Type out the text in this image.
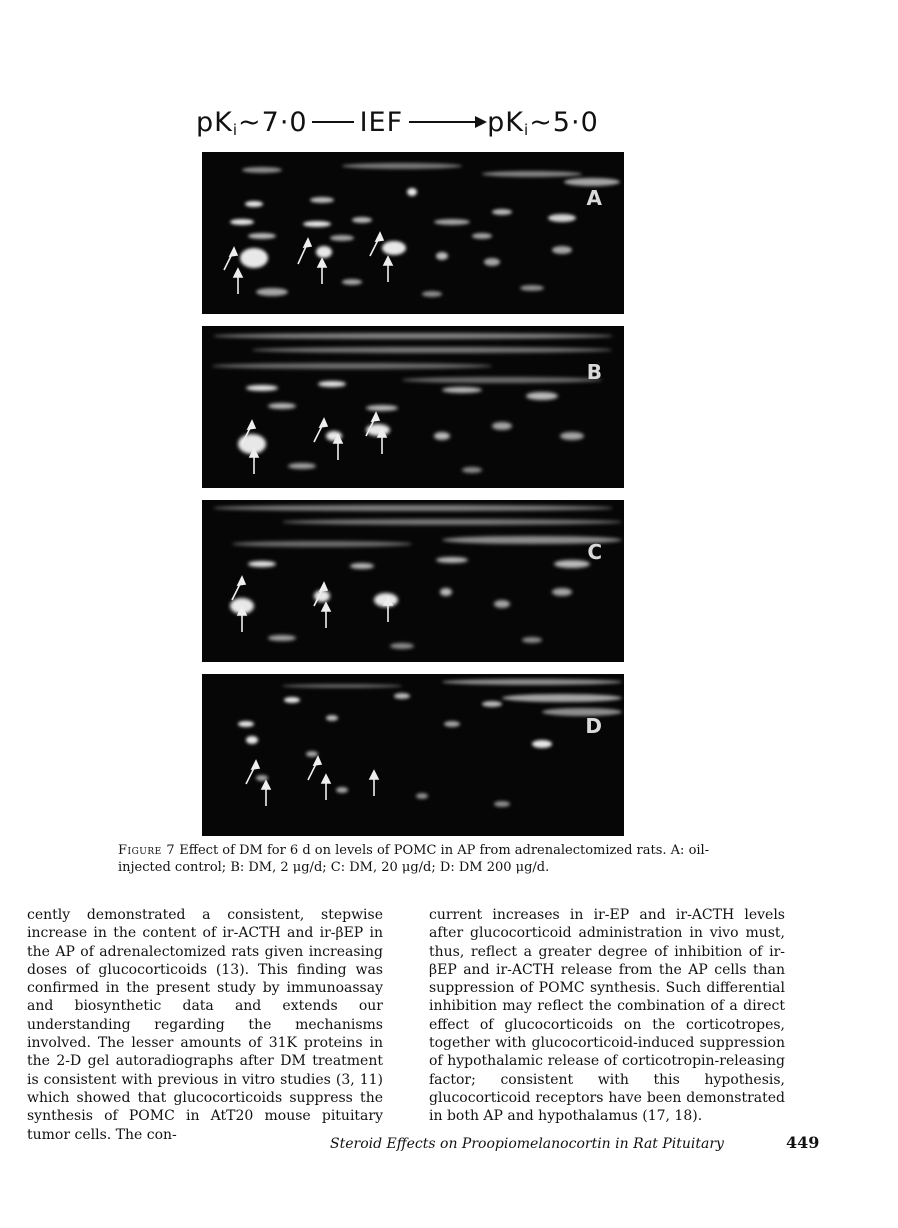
pK i ~7·0 IEF	pK i ~5·0
A
B
C
D
Figure 7 Effect of DM for 6 d on levels of POMC in AP from adrenalectomized rats. A: oil-injected control; B: DM, 2 μg/d; C: DM, 20 μg/d; D: DM 200 μg/d.

cently demonstrated a consistent, stepwise increase in the content of ir-ACTH and ir-βEP in the AP of adrenalectomized rats given increasing doses of glucocorticoids (13). This finding was confirmed in the present study by immunoassay and biosynthetic data and extends our understanding regarding the mechanisms involved. The lesser amounts of 31K proteins in the 2-D gel autoradiographs after DM treatment is consistent with previous in vitro studies (3, 11) which showed that glucocorticoids suppress the synthesis of POMC in AtT20 mouse pituitary tumor cells. The con-

current increases in ir-EP and ir-ACTH levels after glucocorticoid administration in vivo must, thus, reflect a greater degree of inhibition of ir-βEP and ir-ACTH release from the AP cells than suppression of POMC synthesis. Such differential inhibition may reflect the combination of a direct effect of glucocorticoids on the corticotropes, together with glucocorticoid-induced suppression of hypothalamic release of corticotropin-releasing factor; consistent with this hypothesis, glucocorticoid receptors have been demonstrated in both AP and hypothalamus (17, 18).

Steroid Effects on Proopiomelanocortin in Rat Pituitary	449
